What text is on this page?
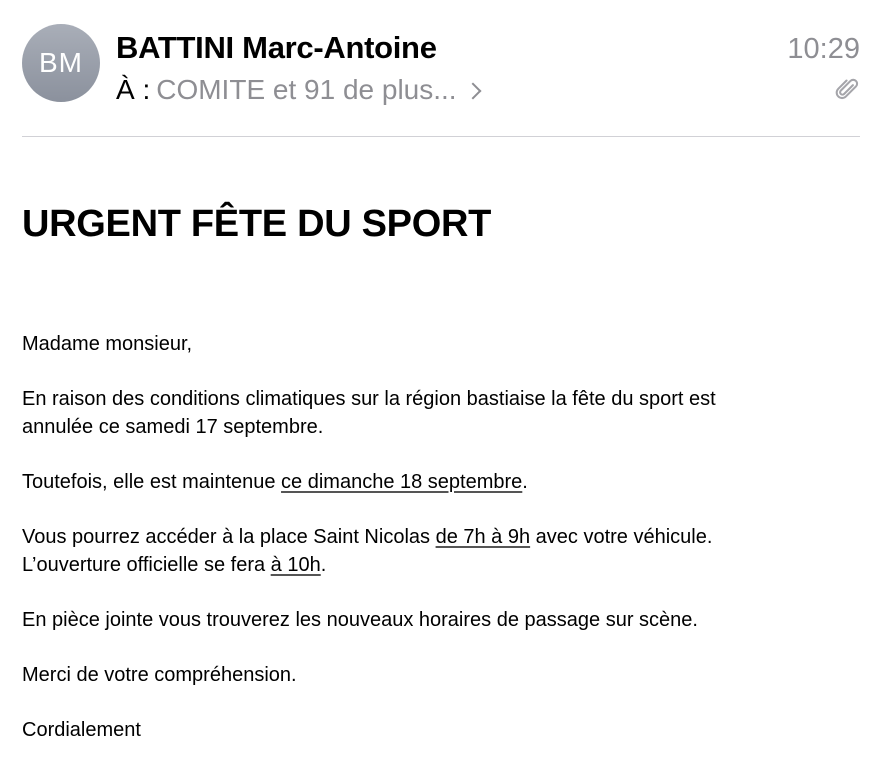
BM BATTINI Marc-Antoine	10:29
À : COMITE et 91 de plus...
URGENT FÊTE DU SPORT

Madame monsieur,

En raison des conditions climatiques sur la région bastiaise la fête du sport est
annulée ce samedi 17 septembre.

Toutefois, elle est maintenue ce dimanche 18 septembre.

Vous pourrez accéder à la place Saint Nicolas de 7h à 9h avec votre véhicule.
L’ouverture officielle se fera à 10h.

En pièce jointe vous trouverez les nouveaux horaires de passage sur scène.

Merci de votre compréhension.

Cordialement
